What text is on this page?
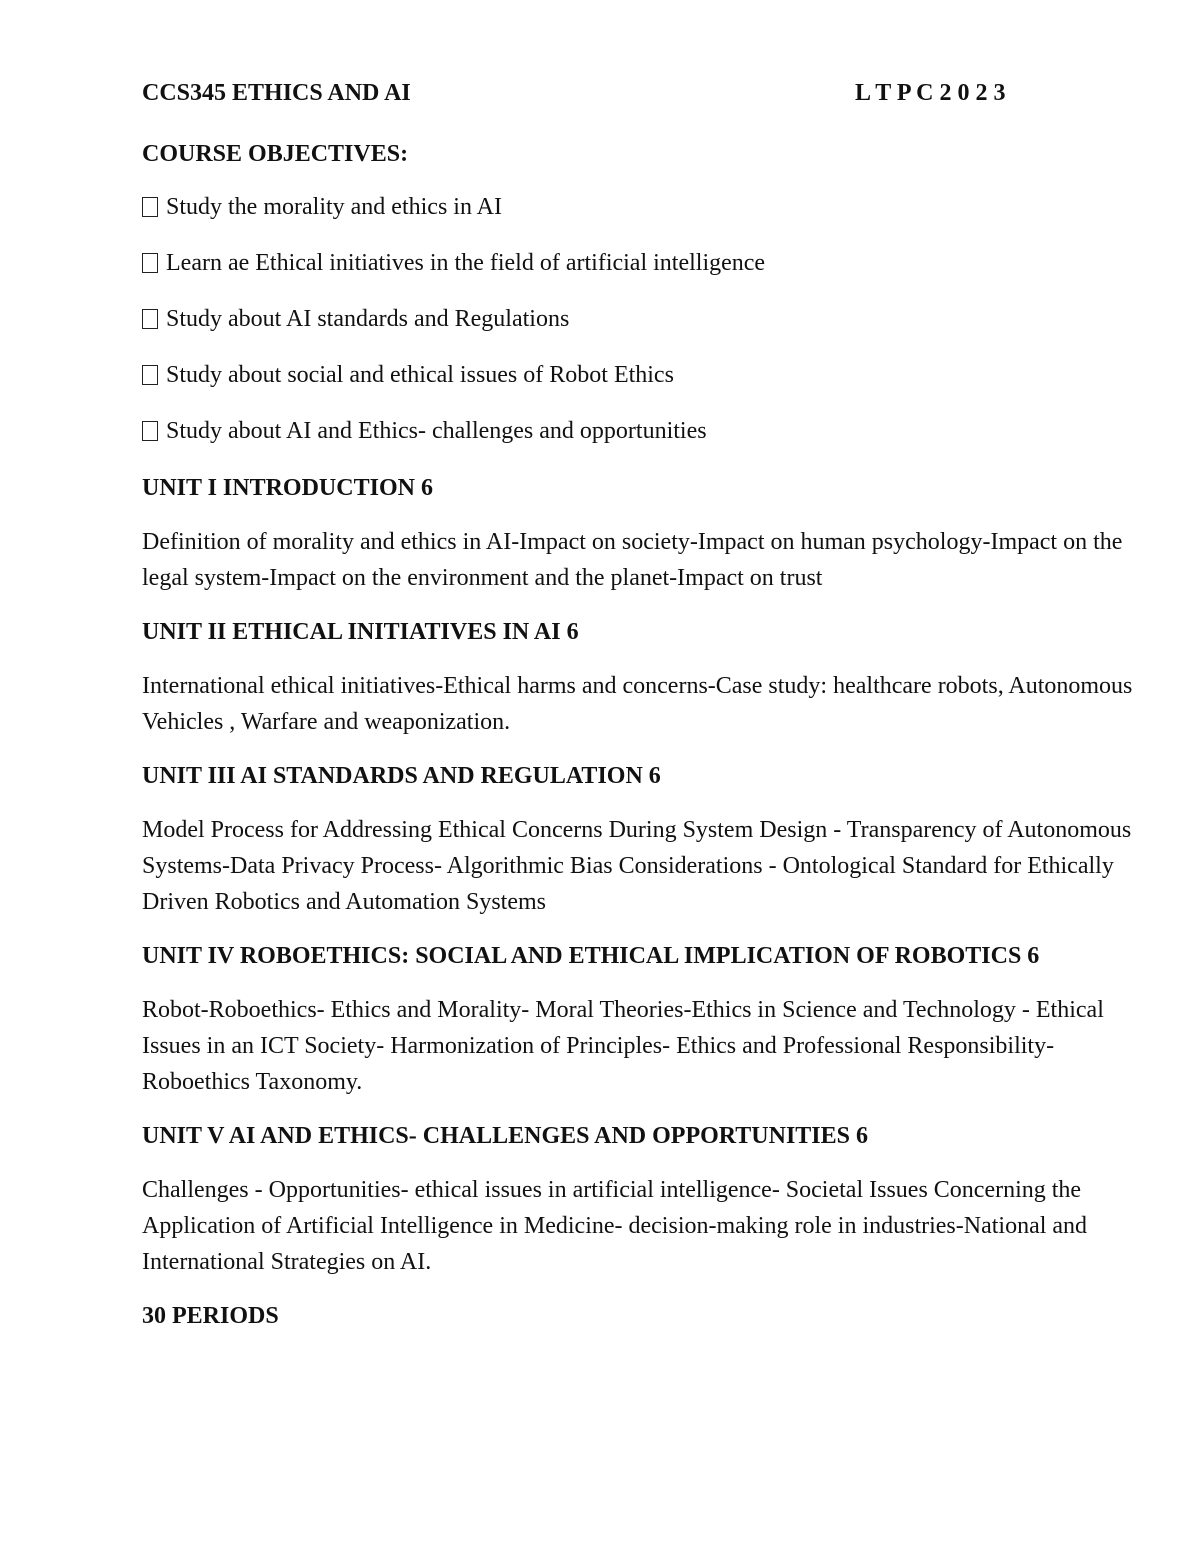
CCS345 ETHICS AND AI	L T P C 2 0 2 3
COURSE OBJECTIVES:
Study the morality and ethics in AI
Learn ae Ethical initiatives in the field of artificial intelligence
Study about AI standards and Regulations
Study about social and ethical issues of Robot Ethics
Study about AI and Ethics- challenges and opportunities
UNIT I INTRODUCTION 6
Definition of morality and ethics in AI-Impact on society-Impact on human psychology-Impact on the legal system-Impact on the environment and the planet-Impact on trust
UNIT II ETHICAL INITIATIVES IN AI 6
International ethical initiatives-Ethical harms and concerns-Case study: healthcare robots, Autonomous Vehicles , Warfare and weaponization.
UNIT III AI STANDARDS AND REGULATION 6
Model Process for Addressing Ethical Concerns During System Design - Transparency of Autonomous Systems-Data Privacy Process- Algorithmic Bias Considerations - Ontological Standard for Ethically Driven Robotics and Automation Systems
UNIT IV ROBOETHICS: SOCIAL AND ETHICAL IMPLICATION OF ROBOTICS 6
Robot-Roboethics- Ethics and Morality- Moral Theories-Ethics in Science and Technology - Ethical Issues in an ICT Society- Harmonization of Principles- Ethics and Professional Responsibility- Roboethics Taxonomy.
UNIT V AI AND ETHICS- CHALLENGES AND OPPORTUNITIES 6
Challenges - Opportunities- ethical issues in artificial intelligence- Societal Issues Concerning the Application of Artificial Intelligence in Medicine- decision-making role in industries-National and International Strategies on AI.
30 PERIODS
